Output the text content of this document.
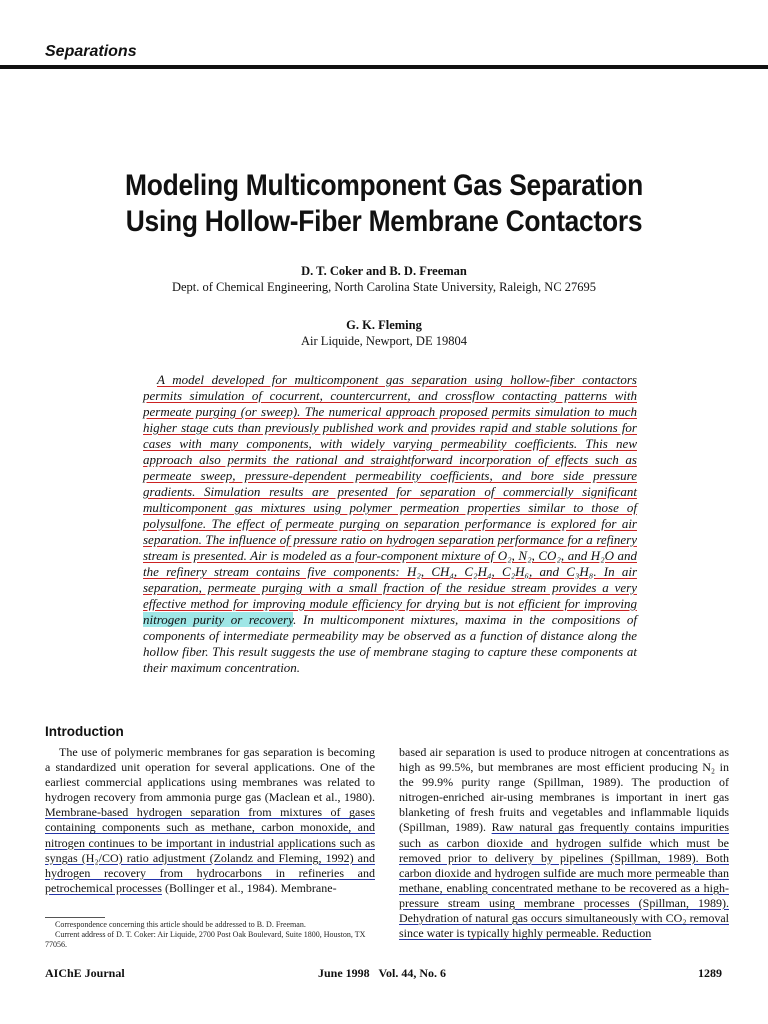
Separations
Modeling Multicomponent Gas Separation
Using Hollow-Fiber Membrane Contactors
D. T. Coker and B. D. Freeman
Dept. of Chemical Engineering, North Carolina State University, Raleigh, NC 27695
G. K. Fleming
Air Liquide, Newport, DE 19804

A model developed for multicomponent gas separation using hollow-fiber contactors permits simulation of cocurrent, countercurrent, and crossflow contacting patterns with permeate purging (or sweep). The numerical approach proposed permits simulation to much higher stage cuts than previously published work and provides rapid and stable solutions for cases with many components, with widely varying permeability coefficients. This new approach also permits the rational and straightforward incorporation of effects such as permeate sweep, pressure-dependent permeability coefficients, and bore side pressure gradients. Simulation results are presented for separation of commercially significant multicomponent gas mixtures using polymer permeation properties similar to those of polysulfone. The effect of permeate purging on separation performance is explored for air separation. The influence of pressure ratio on hydrogen separation performance for a refinery stream is presented. Air is modeled as a four-component mixture of O₂, N₂, CO₂, and H₂O and the refinery stream contains five components: H₂, CH₄, C₂H₄, C₂H₆, and C₃H₈. In air separation, permeate purging with a small fraction of the residue stream provides a very effective method for improving module efficiency for drying but is not efficient for improving nitrogen purity or recovery. In multicomponent mixtures, maxima in the compositions of components of intermediate permeability may be observed as a function of distance along the hollow fiber. This result suggests the use of membrane staging to capture these components at their maximum concentration.

Introduction

The use of polymeric membranes for gas separation is becoming a standardized unit operation for several applications. One of the earliest commercial applications using membranes was related to hydrogen recovery from ammonia purge gas (Maclean et al., 1980). Membrane-based hydrogen separation from mixtures of gases containing components such as methane, carbon monoxide, and nitrogen continues to be important in industrial applications such as syngas (H₂/CO) ratio adjustment (Zolandz and Fleming, 1992) and hydrogen recovery from hydrocarbons in refineries and petrochemical processes (Bollinger et al., 1984). Membrane-

based air separation is used to produce nitrogen at concentrations as high as 99.5%, but membranes are most efficient producing N₂ in the 99.9% purity range (Spillman, 1989). The production of nitrogen-enriched air-using membranes is important in inert gas blanketing of fresh fruits and vegetables and inflammable liquids (Spillman, 1989). Raw natural gas frequently contains impurities such as carbon dioxide and hydrogen sulfide which must be removed prior to delivery by pipelines (Spillman, 1989). Both carbon dioxide and hydrogen sulfide are much more permeable than methane, enabling concentrated methane to be recovered as a high-pressure stream using membrane processes (Spillman, 1989). Dehydration of natural gas occurs simultaneously with CO₂ removal since water is typically highly permeable. Reduction

Correspondence concerning this article should be addressed to B. D. Freeman.

Current address of D. T. Coker: Air Liquide, 2700 Post Oak Boulevard, Suite 1800, Houston, TX 77056.

AIChE Journal	June 1998   Vol. 44, No. 6	1289
